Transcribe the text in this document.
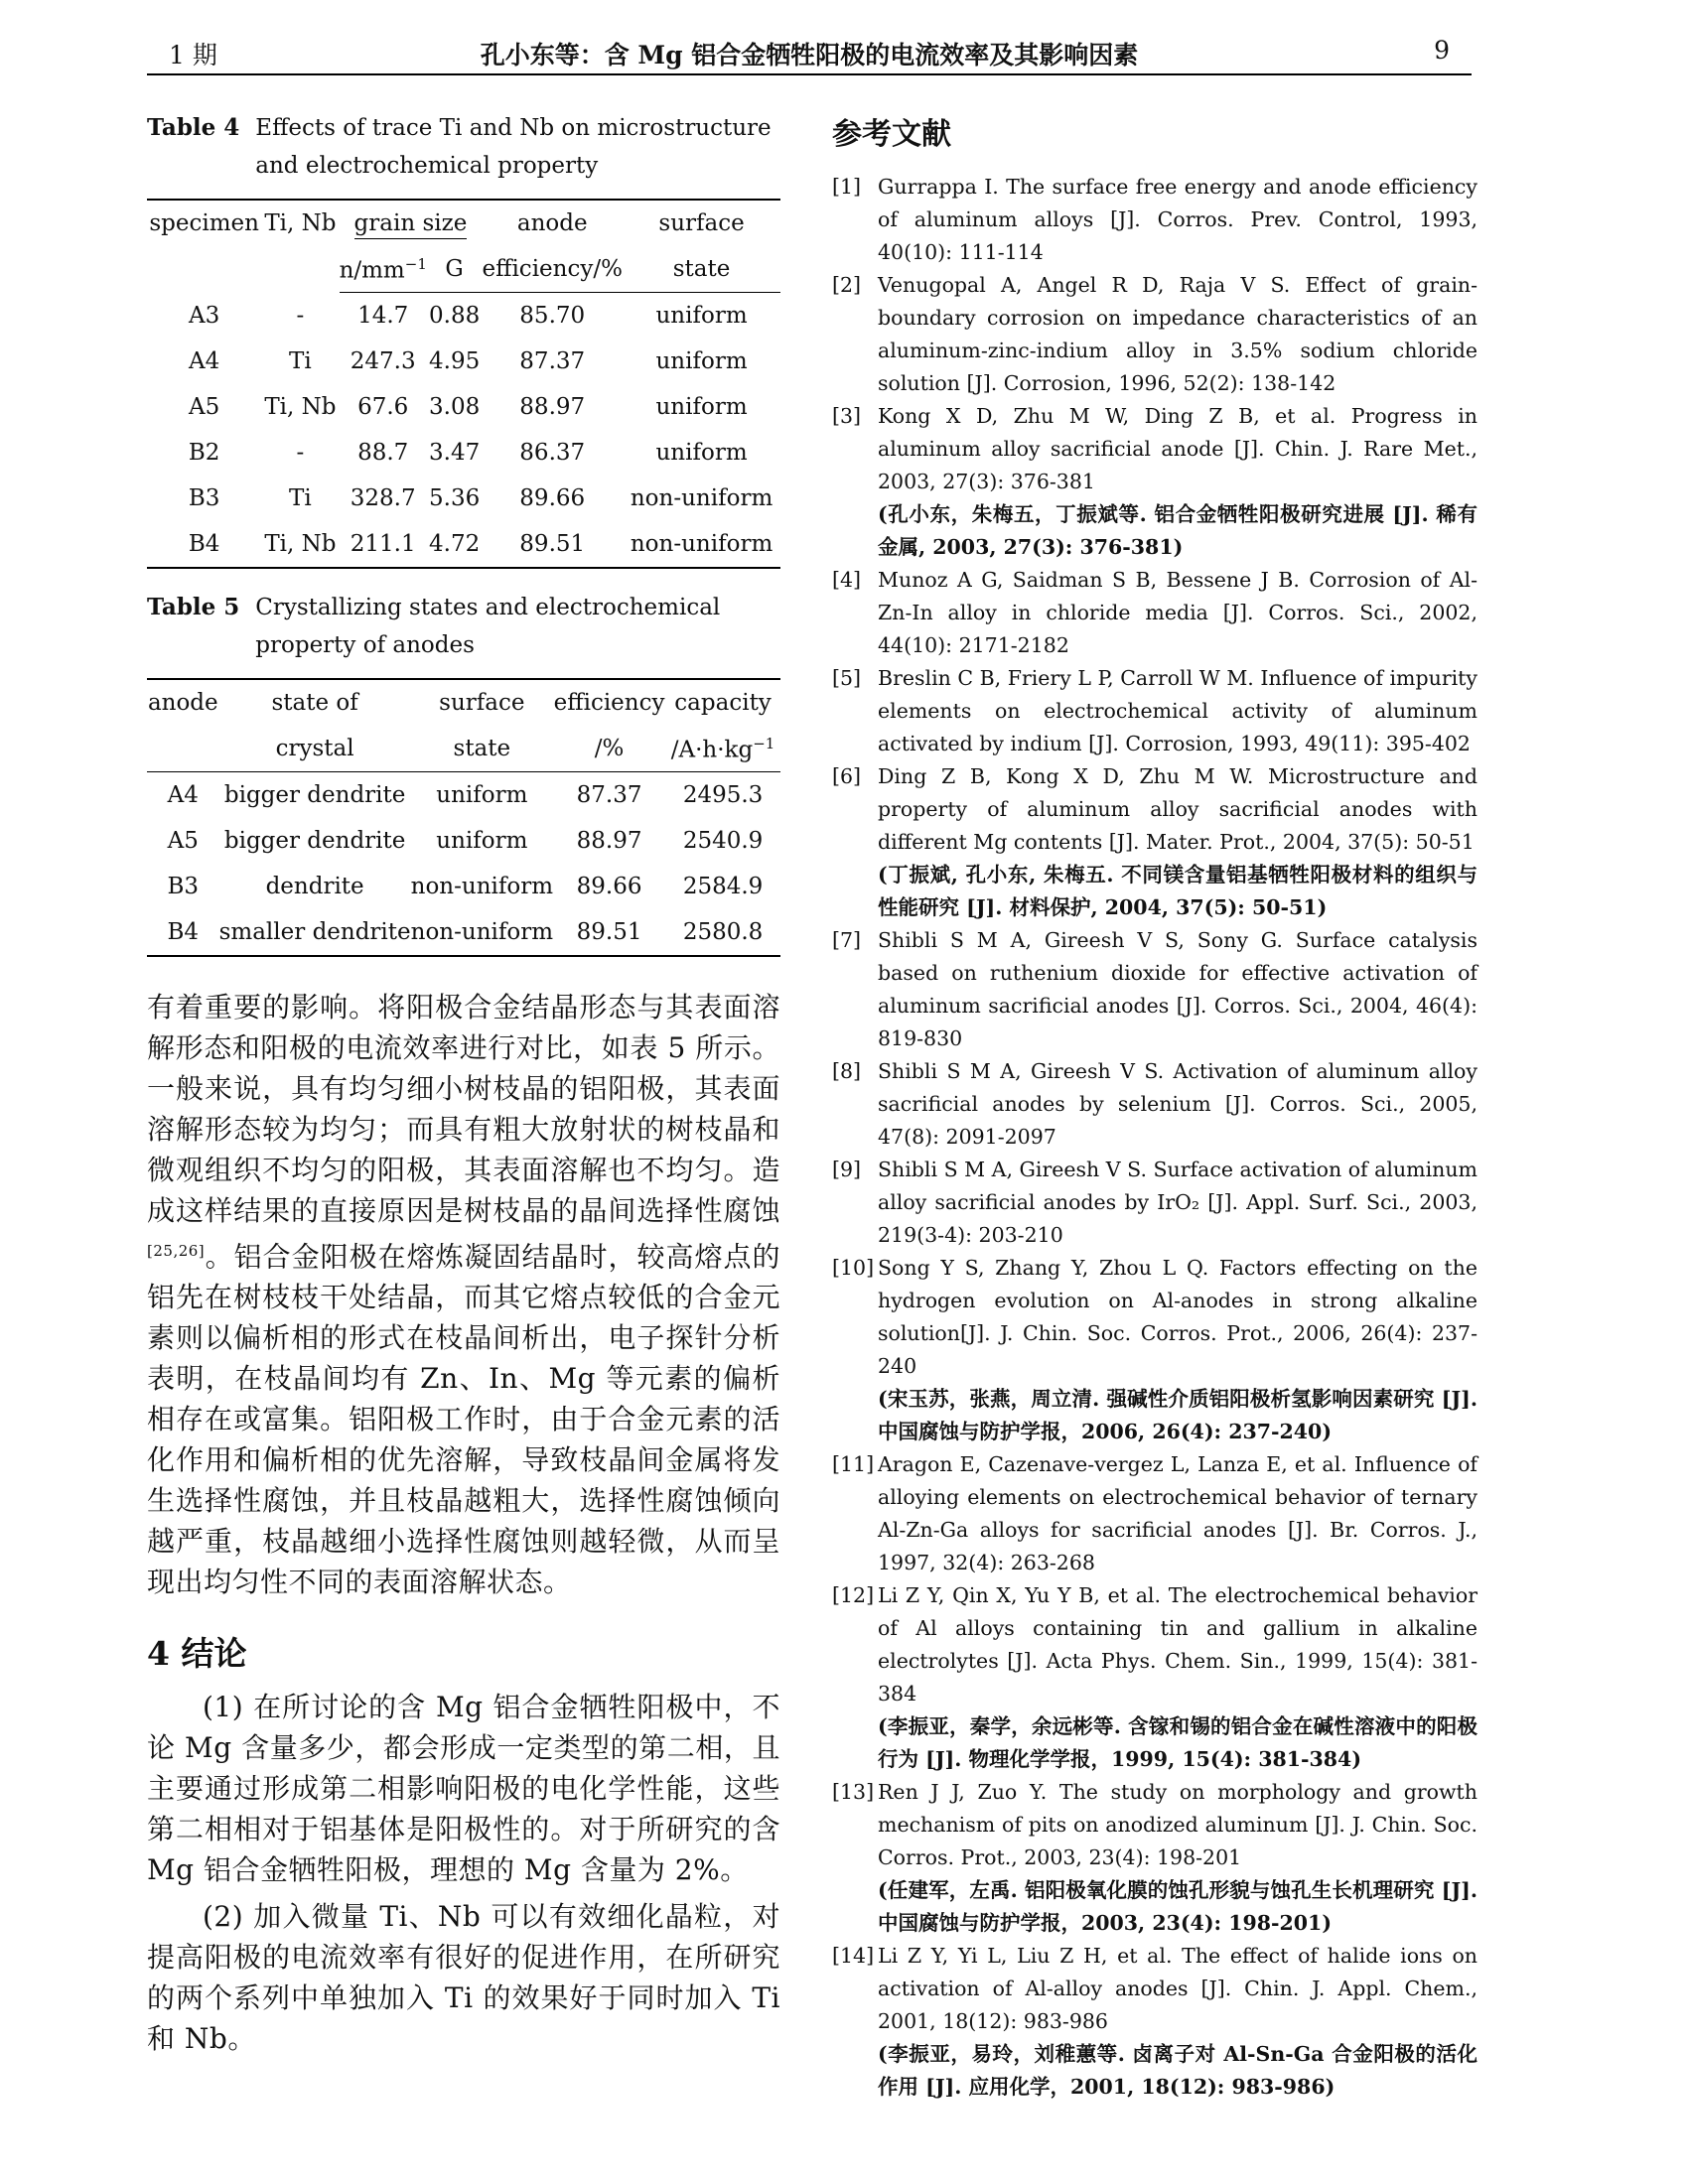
1 期	孔小东等：含 Mg 铝合金牺牲阳极的电流效率及其影响因素	9
Table 4 Effects of trace Ti and Nb on microstructure and electrochemical property
specimen	Ti, Nb	grain size		anode	surface
		$n/mm^{-1}$	G	efficiency/%	state
A3	-	14.7	0.88	85.70	uniform
A4	Ti	247.3	4.95	87.37	uniform
A5	Ti, Nb	67.6	3.08	88.97	uniform
B2	-	88.7	3.47	86.37	uniform
B3	Ti	328.7	5.36	89.66	non-uniform
B4	Ti, Nb	211.1	4.72	89.51	non-uniform
Table 5 Crystallizing states and electrochemical property of anodes
anode	state of	surface	efficiency	capacity
	crystal	state	/%	$/A\cdot h\cdot kg^{-1}$
A4	bigger dendrite	uniform	87.37	2495.3
A5	bigger dendrite	uniform	88.97	2540.9
B3	dendrite	non-uniform	89.66	2584.9
B4	smaller dendrite	non-uniform	89.51	2580.8

有着重要的影响。将阳极合金结晶形态与其表面溶解形态和阳极的电流效率进行对比，如表 5 所示。一般来说，具有均匀细小树枝晶的铝阳极，其表面溶解形态较为均匀；而具有粗大放射状的树枝晶和微观组织不均匀的阳极，其表面溶解也不均匀。造成这样结果的直接原因是树枝晶的晶间选择性腐蚀 [25,26]。铝合金阳极在熔炼凝固结晶时，较高熔点的铝先在树枝枝干处结晶，而其它熔点较低的合金元素则以偏析相的形式在枝晶间析出，电子探针分析表明，在枝晶间均有 Zn、In、Mg 等元素的偏析相存在或富集。铝阳极工作时，由于合金元素的活化作用和偏析相的优先溶解，导致枝晶间金属将发生选择性腐蚀，并且枝晶越粗大，选择性腐蚀倾向越严重，枝晶越细小选择性腐蚀则越轻微，从而呈现出均匀性不同的表面溶解状态。

4 结论

(1) 在所讨论的含 Mg 铝合金牺牲阳极中，不论 Mg 含量多少，都会形成一定类型的第二相，且主要通过形成第二相影响阳极的电化学性能，这些第二相相对于铝基体是阳极性的。对于所研究的含 Mg 铝合金牺牲阳极，理想的 Mg 含量为 2%。

(2) 加入微量 Ti、Nb 可以有效细化晶粒，对提高阳极的电流效率有很好的促进作用，在所研究的两个系列中单独加入 Ti 的效果好于同时加入 Ti 和 Nb。

参考文献
[1] Gurrappa I. The surface free energy and anode efficiency of aluminum alloys [J]. Corros. Prev. Control, 1993, 40(10): 111-114
[2] Venugopal A, Angel R D, Raja V S. Effect of grain-boundary corrosion on impedance characteristics of an aluminum-zinc-indium alloy in 3.5% sodium chloride solution [J]. Corrosion, 1996, 52(2): 138-142
[3] Kong X D, Zhu M W, Ding Z B, et al. Progress in aluminum alloy sacrificial anode [J]. Chin. J. Rare Met., 2003, 27(3): 376-381
(孔小东，朱梅五，丁振斌等. 铝合金牺牲阳极研究进展 [J]. 稀有金属, 2003, 27(3): 376-381)
[4] Munoz A G, Saidman S B, Bessene J B. Corrosion of Al-Zn-In alloy in chloride media [J]. Corros. Sci., 2002, 44(10): 2171-2182
[5] Breslin C B, Friery L P, Carroll W M. Influence of impurity elements on electrochemical activity of aluminum activated by indium [J]. Corrosion, 1993, 49(11): 395-402
[6] Ding Z B, Kong X D, Zhu M W. Microstructure and property of aluminum alloy sacrificial anodes with different Mg contents [J]. Mater. Prot., 2004, 37(5): 50-51
(丁振斌, 孔小东, 朱梅五. 不同镁含量铝基牺牲阳极材料的组织与性能研究 [J]. 材料保护, 2004, 37(5): 50-51)
[7] Shibli S M A, Gireesh V S, Sony G. Surface catalysis based on ruthenium dioxide for effective activation of aluminum sacrificial anodes [J]. Corros. Sci., 2004, 46(4): 819-830
[8] Shibli S M A, Gireesh V S. Activation of aluminum alloy sacrificial anodes by selenium [J]. Corros. Sci., 2005, 47(8): 2091-2097
[9] Shibli S M A, Gireesh V S. Surface activation of aluminum alloy sacrificial anodes by IrO₂ [J]. Appl. Surf. Sci., 2003, 219(3-4): 203-210
[10] Song Y S, Zhang Y, Zhou L Q. Factors effecting on the hydrogen evolution on Al-anodes in strong alkaline solution[J]. J. Chin. Soc. Corros. Prot., 2006, 26(4): 237-240
(宋玉苏，张燕，周立清. 强碱性介质铝阳极析氢影响因素研究 [J]. 中国腐蚀与防护学报，2006, 26(4): 237-240)
[11] Aragon E, Cazenave-vergez L, Lanza E, et al. Influence of alloying elements on electrochemical behavior of ternary Al-Zn-Ga alloys for sacrificial anodes [J]. Br. Corros. J., 1997, 32(4): 263-268
[12] Li Z Y, Qin X, Yu Y B, et al. The electrochemical behavior of Al alloys containing tin and gallium in alkaline electrolytes [J]. Acta Phys. Chem. Sin., 1999, 15(4): 381-384
(李振亚，秦学，余远彬等. 含镓和锡的铝合金在碱性溶液中的阳极行为 [J]. 物理化学学报，1999, 15(4): 381-384)
[13] Ren J J, Zuo Y. The study on morphology and growth mechanism of pits on anodized aluminum [J]. J. Chin. Soc. Corros. Prot., 2003, 23(4): 198-201
(任建军，左禹. 铝阳极氧化膜的蚀孔形貌与蚀孔生长机理研究 [J]. 中国腐蚀与防护学报，2003, 23(4): 198-201)
[14] Li Z Y, Yi L, Liu Z H, et al. The effect of halide ions on activation of Al-alloy anodes [J]. Chin. J. Appl. Chem., 2001, 18(12): 983-986
(李振亚，易玲，刘稚蕙等. 卤离子对 Al-Sn-Ga 合金阳极的活化作用 [J]. 应用化学，2001, 18(12): 983-986)
